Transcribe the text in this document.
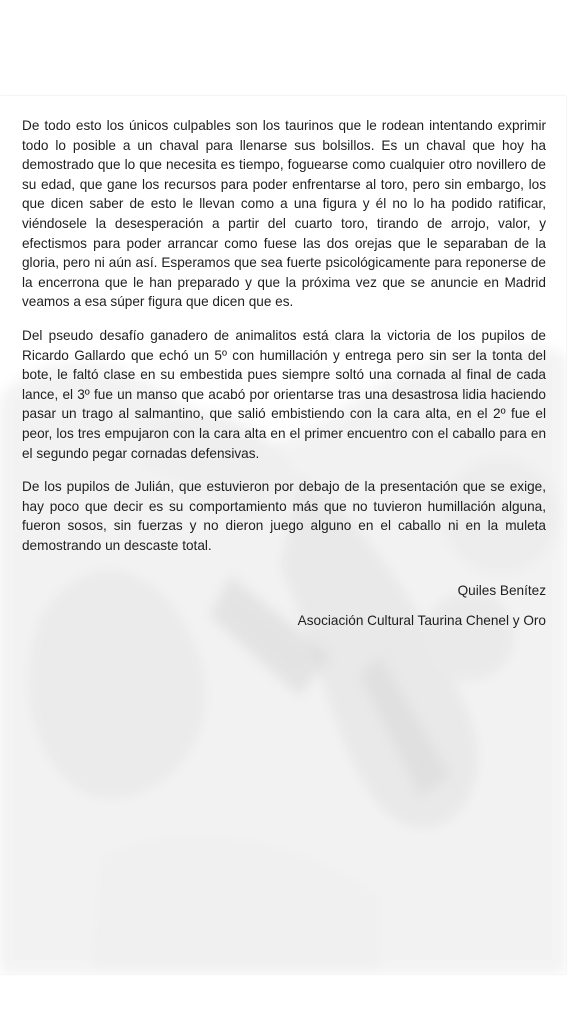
De todo esto los únicos culpables son los taurinos que le rodean intentando exprimir todo lo posible a un chaval para llenarse sus bolsillos. Es un chaval que hoy ha demostrado que lo que necesita es tiempo, foguearse como cualquier otro novillero de su edad, que gane los recursos para poder enfrentarse al toro, pero sin embargo, los que dicen saber de esto le llevan como a una figura y él no lo ha podido ratificar, viéndosele la desesperación a partir del cuarto toro, tirando de arrojo, valor, y efectismos para poder arrancar como fuese las dos orejas que le separaban de la gloria, pero ni aún así. Esperamos que sea fuerte psicológicamente para reponerse de la encerrona que le han preparado y que la próxima vez que se anuncie en Madrid veamos a esa súper figura que dicen que es.

Del pseudo desafío ganadero de animalitos está clara la victoria de los pupilos de Ricardo Gallardo que echó un 5º con humillación y entrega pero sin ser la tonta del bote, le faltó clase en su embestida pues siempre soltó una cornada al final de cada lance, el 3º fue un manso que acabó por orientarse tras una desastrosa lidia haciendo pasar un trago al salmantino, que salió embistiendo con la cara alta, en el 2º fue el peor, los tres empujaron con la cara alta en el primer encuentro con el caballo para en el segundo pegar cornadas defensivas.

De los pupilos de Julián, que estuvieron por debajo de la presentación que se exige, hay poco que decir es su comportamiento más que no tuvieron humillación alguna, fueron sosos, sin fuerzas y no dieron juego alguno en el caballo ni en la muleta demostrando un descaste total.

Quiles Benítez
Asociación Cultural Taurina Chenel y Oro
